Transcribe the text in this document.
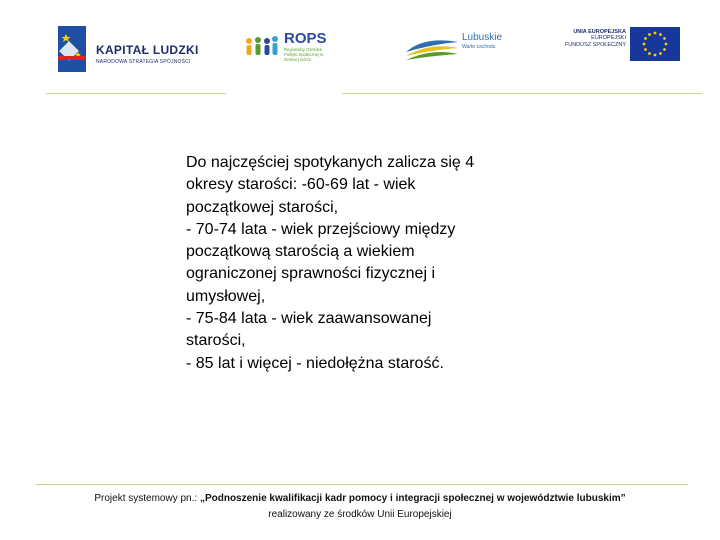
KAPITAŁ LUDZKI
NARODOWA STRATEGIA SPÓJNOŚCI
ROPS
Regionalny Ośrodek Polityki Społecznej w Zielonej Górze
Lubuskie
Warte zachodu
UNIA EUROPEJSKA
EUROPEJSKI
FUNDUSZ SPOŁECZNY
Do najczęściej spotykanych zalicza się 4
okresy starości: -60-69 lat - wiek
początkowej starości,
- 70-74 lata - wiek przejściowy między
początkową starością a wiekiem
ograniczonej sprawności fizycznej i
umysłowej,
- 75-84 lata - wiek zaawansowanej
starości,
- 85 lat i więcej - niedołężna starość.
Projekt systemowy pn.: „Podnoszenie kwalifikacji kadr pomocy i integracji społecznej w województwie lubuskim”
realizowany ze środków Unii Europejskiej
